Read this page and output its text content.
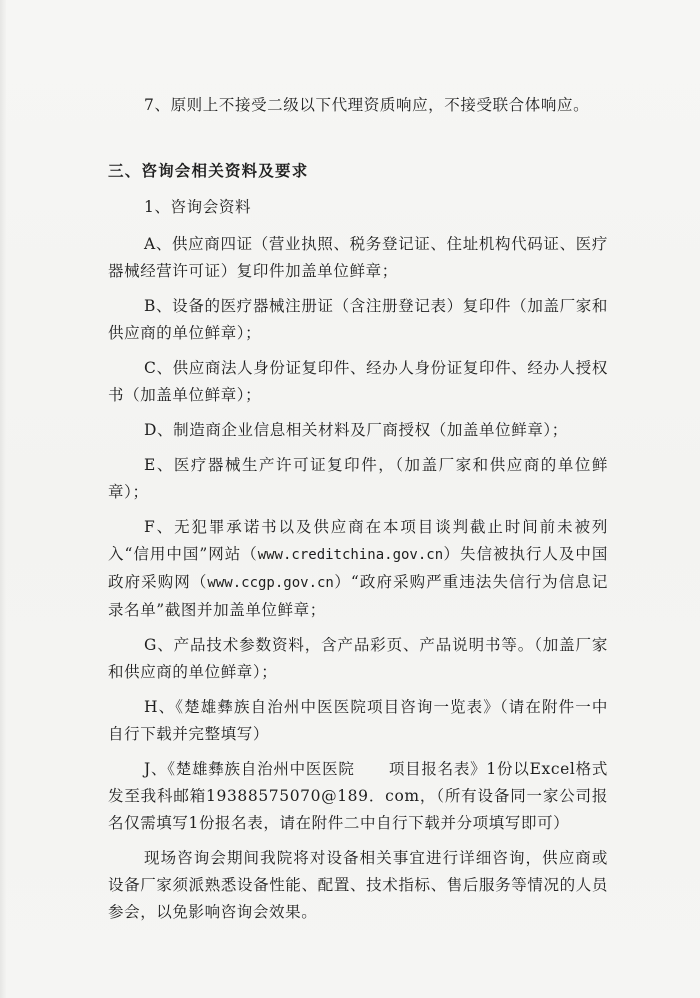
7、原则上不接受二级以下代理资质响应，不接受联合体响应。

三、咨询会相关资料及要求

1、咨询会资料

A、供应商四证（营业执照、税务登记证、住址机构代码证、医疗器械经营许可证）复印件加盖单位鲜章；

B、设备的医疗器械注册证（含注册登记表）复印件（加盖厂家和供应商的单位鲜章）；

C、供应商法人身份证复印件、经办人身份证复印件、经办人授权书（加盖单位鲜章）；

D、制造商企业信息相关材料及厂商授权（加盖单位鲜章）；

E、医疗器械生产许可证复印件，（加盖厂家和供应商的单位鲜章）；

F、无犯罪承诺书以及供应商在本项目谈判截止时间前未被列入“信用中国”网站（www.creditchina.gov.cn）失信被执行人及中国政府采购网（www.ccgp.gov.cn）“政府采购严重违法失信行为信息记录名单”截图并加盖单位鲜章；

G、产品技术参数资料，含产品彩页、产品说明书等。（加盖厂家和供应商的单位鲜章）；

H、《楚雄彝族自治州中医医院项目咨询一览表》（请在附件一中自行下载并完整填写）

J、《楚雄彝族自治州中医医院 项目报名表》1份以Excel格式发至我科邮箱19388575070@189．com，（所有设备同一家公司报名仅需填写1份报名表，请在附件二中自行下载并分项填写即可）

现场咨询会期间我院将对设备相关事宜进行详细咨询，供应商或设备厂家须派熟悉设备性能、配置、技术指标、售后服务等情况的人员参会，以免影响咨询会效果。
